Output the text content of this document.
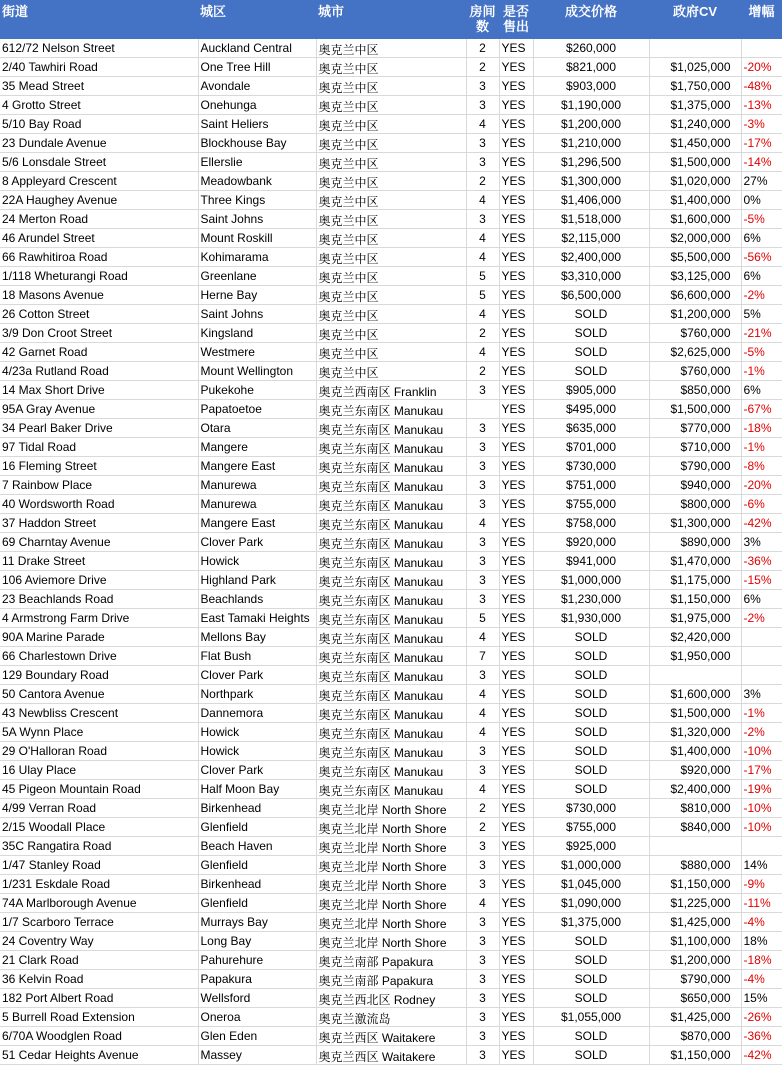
街道	城区	城市	房间数	是否售出	成交价格	政府CV	增幅

612/72 Nelson Street	Auckland Central	奥克兰中区	2	YES	$260,000		
2/40 Tawhiri Road	One Tree Hill	奥克兰中区	2	YES	$821,000	$1,025,000	-20%
35 Mead Street	Avondale	奥克兰中区	3	YES	$903,000	$1,750,000	-48%
4 Grotto Street	Onehunga	奥克兰中区	3	YES	$1,190,000	$1,375,000	-13%
5/10 Bay Road	Saint Heliers	奥克兰中区	4	YES	$1,200,000	$1,240,000	-3%
23 Dundale Avenue	Blockhouse Bay	奥克兰中区	3	YES	$1,210,000	$1,450,000	-17%
5/6 Lonsdale Street	Ellerslie	奥克兰中区	3	YES	$1,296,500	$1,500,000	-14%
8 Appleyard Crescent	Meadowbank	奥克兰中区	2	YES	$1,300,000	$1,020,000	27%
22A Haughey Avenue	Three Kings	奥克兰中区	4	YES	$1,406,000	$1,400,000	0%
24 Merton Road	Saint Johns	奥克兰中区	3	YES	$1,518,000	$1,600,000	-5%
46 Arundel Street	Mount Roskill	奥克兰中区	4	YES	$2,115,000	$2,000,000	6%
66 Rawhitiroa Road	Kohimarama	奥克兰中区	4	YES	$2,400,000	$5,500,000	-56%
1/118 Wheturangi Road	Greenlane	奥克兰中区	5	YES	$3,310,000	$3,125,000	6%
18 Masons Avenue	Herne Bay	奥克兰中区	5	YES	$6,500,000	$6,600,000	-2%
26 Cotton Street	Saint Johns	奥克兰中区	4	YES	SOLD	$1,200,000	5%
3/9 Don Croot Street	Kingsland	奥克兰中区	2	YES	SOLD	$760,000	-21%
42 Garnet Road	Westmere	奥克兰中区	4	YES	SOLD	$2,625,000	-5%
4/23a Rutland Road	Mount Wellington	奥克兰中区	2	YES	SOLD	$760,000	-1%
14 Max Short Drive	Pukekohe	奥克兰西南区 Franklin	3	YES	$905,000	$850,000	6%
95A Gray Avenue	Papatoetoe	奥克兰东南区 Manukau		YES	$495,000	$1,500,000	-67%
34 Pearl Baker Drive	Otara	奥克兰东南区 Manukau	3	YES	$635,000	$770,000	-18%
97 Tidal Road	Mangere	奥克兰东南区 Manukau	3	YES	$701,000	$710,000	-1%
16 Fleming Street	Mangere East	奥克兰东南区 Manukau	3	YES	$730,000	$790,000	-8%
7 Rainbow Place	Manurewa	奥克兰东南区 Manukau	3	YES	$751,000	$940,000	-20%
40 Wordsworth Road	Manurewa	奥克兰东南区 Manukau	3	YES	$755,000	$800,000	-6%
37 Haddon Street	Mangere East	奥克兰东南区 Manukau	4	YES	$758,000	$1,300,000	-42%
69 Charntay Avenue	Clover Park	奥克兰东南区 Manukau	3	YES	$920,000	$890,000	3%
11 Drake Street	Howick	奥克兰东南区 Manukau	3	YES	$941,000	$1,470,000	-36%
106 Aviemore Drive	Highland Park	奥克兰东南区 Manukau	3	YES	$1,000,000	$1,175,000	-15%
23 Beachlands Road	Beachlands	奥克兰东南区 Manukau	3	YES	$1,230,000	$1,150,000	6%
4 Armstrong Farm Drive	East Tamaki Heights	奥克兰东南区 Manukau	5	YES	$1,930,000	$1,975,000	-2%
90A Marine Parade	Mellons Bay	奥克兰东南区 Manukau	4	YES	SOLD	$2,420,000	
66 Charlestown Drive	Flat Bush	奥克兰东南区 Manukau	7	YES	SOLD	$1,950,000	
129 Boundary Road	Clover Park	奥克兰东南区 Manukau	3	YES	SOLD		
50 Cantora Avenue	Northpark	奥克兰东南区 Manukau	4	YES	SOLD	$1,600,000	3%
43 Newbliss Crescent	Dannemora	奥克兰东南区 Manukau	4	YES	SOLD	$1,500,000	-1%
5A Wynn Place	Howick	奥克兰东南区 Manukau	4	YES	SOLD	$1,320,000	-2%
29 O'Halloran Road	Howick	奥克兰东南区 Manukau	3	YES	SOLD	$1,400,000	-10%
16 Ulay Place	Clover Park	奥克兰东南区 Manukau	3	YES	SOLD	$920,000	-17%
45 Pigeon Mountain Road	Half Moon Bay	奥克兰东南区 Manukau	4	YES	SOLD	$2,400,000	-19%
4/99 Verran Road	Birkenhead	奥克兰北岸 North Shore	2	YES	$730,000	$810,000	-10%
2/15 Woodall Place	Glenfield	奥克兰北岸 North Shore	2	YES	$755,000	$840,000	-10%
35C Rangatira Road	Beach Haven	奥克兰北岸 North Shore	3	YES	$925,000		
1/47 Stanley Road	Glenfield	奥克兰北岸 North Shore	3	YES	$1,000,000	$880,000	14%
1/231 Eskdale Road	Birkenhead	奥克兰北岸 North Shore	3	YES	$1,045,000	$1,150,000	-9%
74A Marlborough Avenue	Glenfield	奥克兰北岸 North Shore	4	YES	$1,090,000	$1,225,000	-11%
1/7 Scarboro Terrace	Murrays Bay	奥克兰北岸 North Shore	3	YES	$1,375,000	$1,425,000	-4%
24 Coventry Way	Long Bay	奥克兰北岸 North Shore	3	YES	SOLD	$1,100,000	18%
21 Clark Road	Pahurehure	奥克兰南部 Papakura	3	YES	SOLD	$1,200,000	-18%
36 Kelvin Road	Papakura	奥克兰南部 Papakura	3	YES	SOLD	$790,000	-4%
182 Port Albert Road	Wellsford	奥克兰西北区 Rodney	3	YES	SOLD	$650,000	15%
5 Burrell Road Extension	Oneroa	奥克兰激流岛	3	YES	$1,055,000	$1,425,000	-26%
6/70A Woodglen Road	Glen Eden	奥克兰西区 Waitakere	3	YES	SOLD	$870,000	-36%
51 Cedar Heights Avenue	Massey	奥克兰西区 Waitakere	3	YES	SOLD	$1,150,000	-42%
